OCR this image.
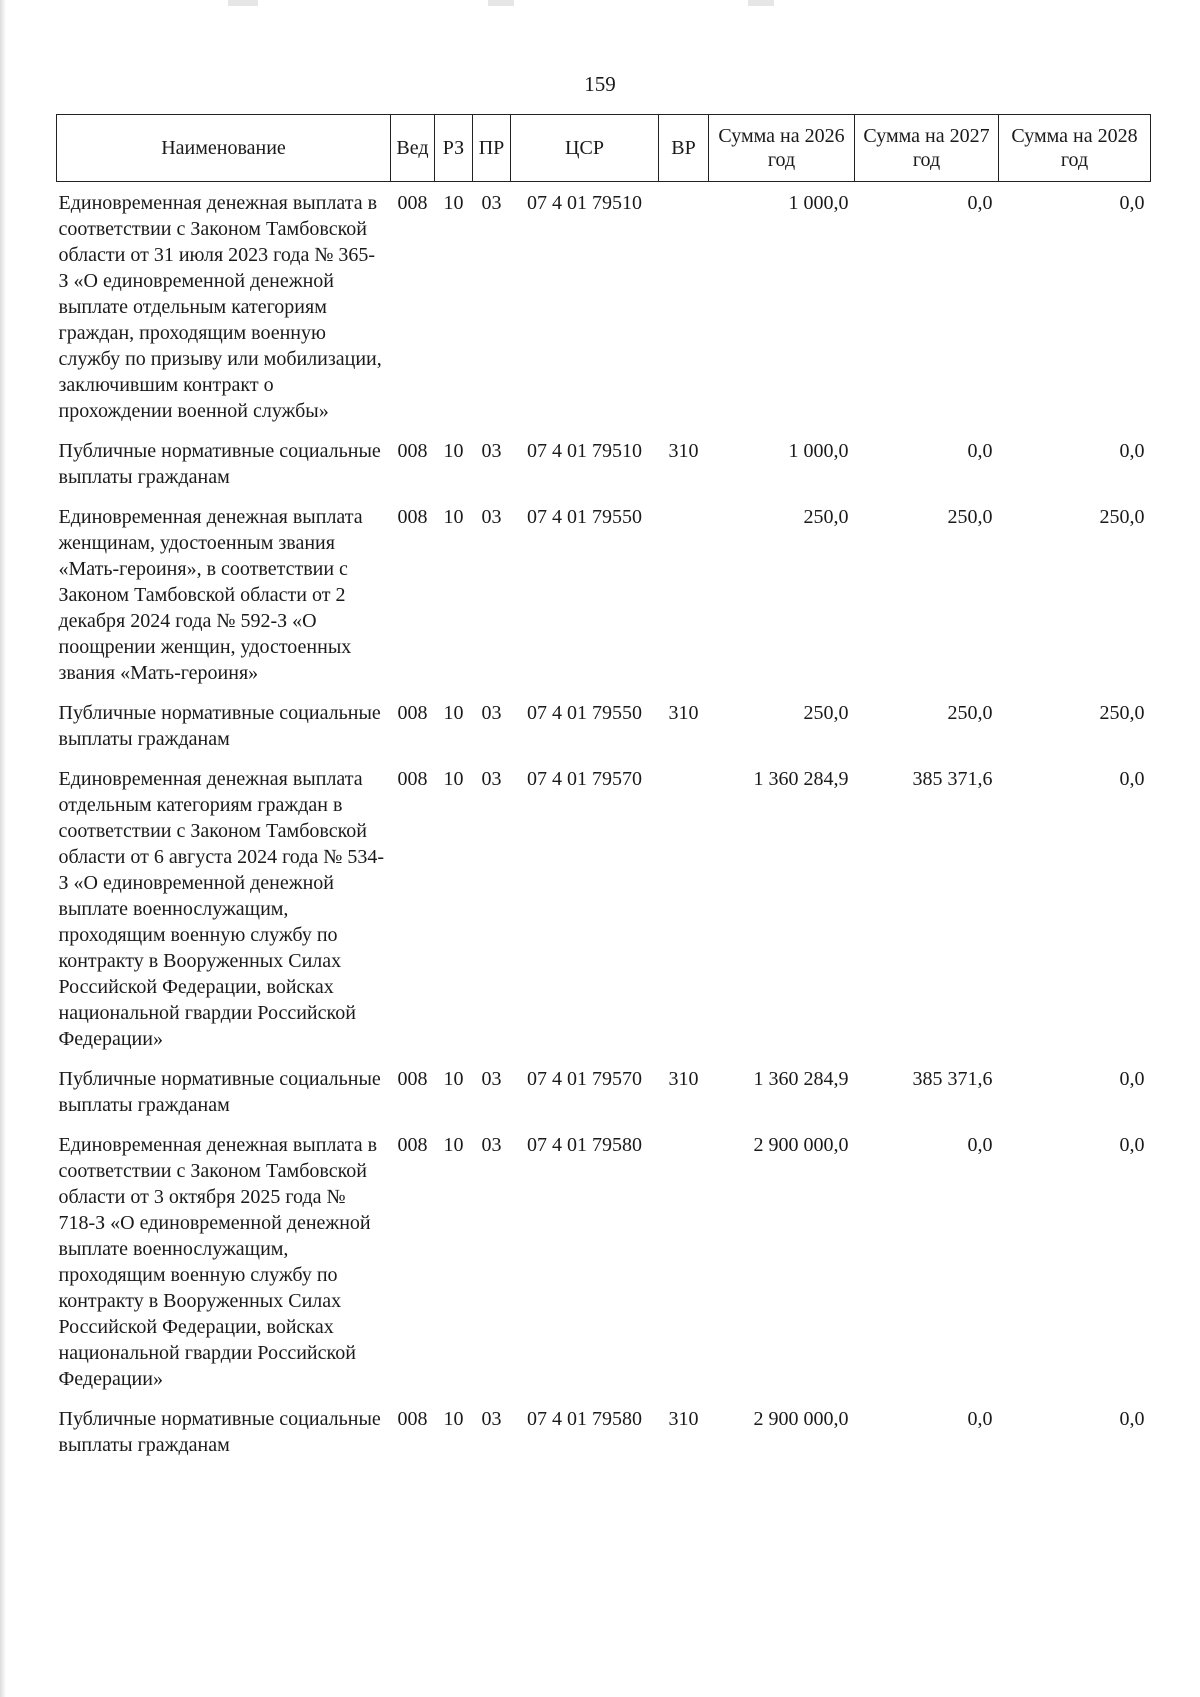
159
Наименование	Вед	РЗ	ПР	ЦСР	ВР	Сумма на 2026 год	Сумма на 2027 год	Сумма на 2028 год
Единовременная денежная выплата в соответствии с Законом Тамбовской области от 31 июля 2023 года № 365-З «О единовременной денежной выплате отдельным категориям граждан, проходящим военную службу по призыву или мобилизации, заключившим контракт о прохождении военной службы»	008	10	03	07 4 01 79510		1 000,0	0,0	0,0
Публичные нормативные социальные выплаты гражданам	008	10	03	07 4 01 79510	310	1 000,0	0,0	0,0
Единовременная денежная выплата женщинам, удостоенным звания «Мать-героиня», в соответствии с Законом Тамбовской области от 2 декабря 2024 года № 592-З «О поощрении женщин, удостоенных звания «Мать-героиня»	008	10	03	07 4 01 79550		250,0	250,0	250,0
Публичные нормативные социальные выплаты гражданам	008	10	03	07 4 01 79550	310	250,0	250,0	250,0
Единовременная денежная выплата отдельным категориям граждан в соответствии с Законом Тамбовской области от 6 августа 2024 года № 534-З «О единовременной денежной выплате военнослужащим, проходящим военную службу по контракту в Вооруженных Силах Российской Федерации, войсках национальной гвардии Российской Федерации»	008	10	03	07 4 01 79570		1 360 284,9	385 371,6	0,0
Публичные нормативные социальные выплаты гражданам	008	10	03	07 4 01 79570	310	1 360 284,9	385 371,6	0,0
Единовременная денежная выплата в соответствии с Законом Тамбовской области от 3 октября 2025 года № 718-З «О единовременной денежной выплате военнослужащим, проходящим военную службу по контракту в Вооруженных Силах Российской Федерации, войсках национальной гвардии Российской Федерации»	008	10	03	07 4 01 79580		2 900 000,0	0,0	0,0
Публичные нормативные социальные выплаты гражданам	008	10	03	07 4 01 79580	310	2 900 000,0	0,0	0,0
